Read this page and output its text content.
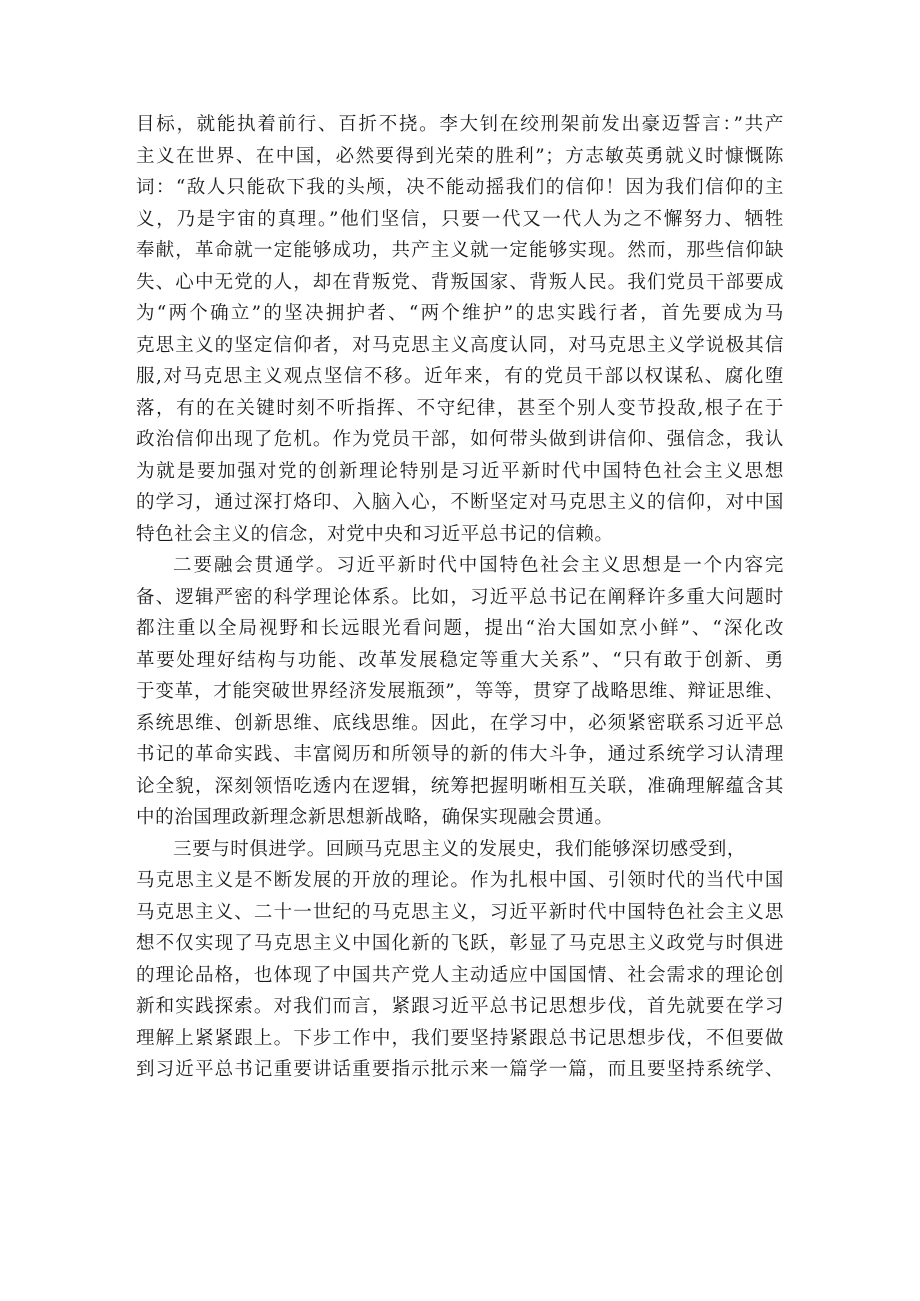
目标，就能执着前行、百折不挠。李大钊在绞刑架前发出豪迈誓言：”共产
主义在世界、在中国，必然要得到光荣的胜利”；方志敏英勇就义时慷慨陈
词：“敌人只能砍下我的头颅，决不能动摇我们的信仰！因为我们信仰的主
义，乃是宇宙的真理。”他们坚信，只要一代又一代人为之不懈努力、牺牲
奉献，革命就一定能够成功，共产主义就一定能够实现。然而，那些信仰缺
失、心中无党的人，却在背叛党、背叛国家、背叛人民。我们党员干部要成
为“两个确立”的坚决拥护者、“两个维护”的忠实践行者，首先要成为马
克思主义的坚定信仰者，对马克思主义高度认同，对马克思主义学说极其信
服,对马克思主义观点坚信不移。近年来，有的党员干部以权谋私、腐化堕
落，有的在关键时刻不听指挥、不守纪律，甚至个别人变节投敌,根子在于
政治信仰出现了危机。作为党员干部，如何带头做到讲信仰、强信念，我认
为就是要加强对党的创新理论特别是习近平新时代中国特色社会主义思想
的学习，通过深打烙印、入脑入心，不断坚定对马克思主义的信仰，对中国
特色社会主义的信念，对党中央和习近平总书记的信赖。
二要融会贯通学。习近平新时代中国特色社会主义思想是一个内容完
备、逻辑严密的科学理论体系。比如，习近平总书记在阐释许多重大问题时
都注重以全局视野和长远眼光看问题，提出“治大国如烹小鲜”、“深化改
革要处理好结构与功能、改革发展稳定等重大关系”、“只有敢于创新、勇
于变革，才能突破世界经济发展瓶颈”，等等，贯穿了战略思维、辩证思维、
系统思维、创新思维、底线思维。因此，在学习中，必须紧密联系习近平总
书记的革命实践、丰富阅历和所领导的新的伟大斗争，通过系统学习认清理
论全貌，深刻领悟吃透内在逻辑，统筹把握明晰相互关联，准确理解蕴含其
中的治国理政新理念新思想新战略，确保实现融会贯通。
三要与时俱进学。回顾马克思主义的发展史，我们能够深切感受到，
马克思主义是不断发展的开放的理论。作为扎根中国、引领时代的当代中国
马克思主义、二十一世纪的马克思主义，习近平新时代中国特色社会主义思
想不仅实现了马克思主义中国化新的飞跃，彰显了马克思主义政党与时俱进
的理论品格，也体现了中国共产党人主动适应中国国情、社会需求的理论创
新和实践探索。对我们而言，紧跟习近平总书记思想步伐，首先就要在学习
理解上紧紧跟上。下步工作中，我们要坚持紧跟总书记思想步伐，不但要做
到习近平总书记重要讲话重要指示批示来一篇学一篇，而且要坚持系统学、
